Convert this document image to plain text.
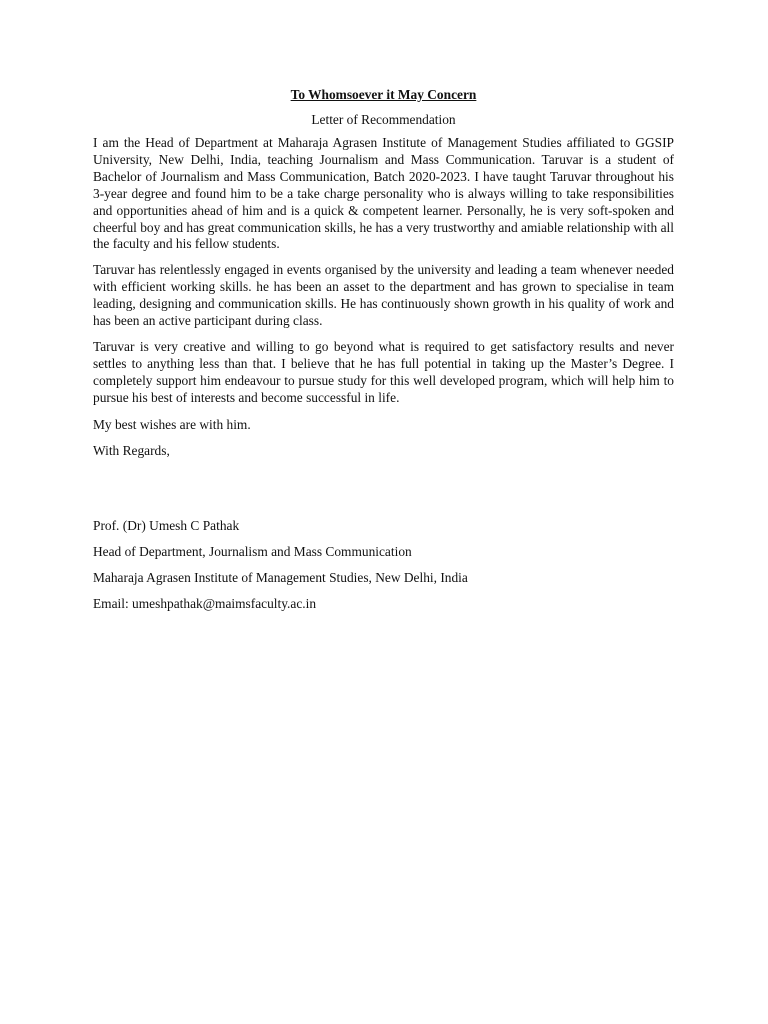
To Whomsoever it May Concern
Letter of Recommendation

I am the Head of Department at Maharaja Agrasen Institute of Management Studies affiliated to GGSIP University, New Delhi, India, teaching Journalism and Mass Communication. Taruvar is a student of Bachelor of Journalism and Mass Communication, Batch 2020-2023. I have taught Taruvar throughout his 3-year degree and found him to be a take charge personality who is always willing to take responsibilities and opportunities ahead of him and is a quick & competent learner. Personally, he is very soft-spoken and cheerful boy and has great communication skills, he has a very trustworthy and amiable relationship with all the faculty and his fellow students.

Taruvar has relentlessly engaged in events organised by the university and leading a team whenever needed with efficient working skills. he has been an asset to the department and has grown to specialise in team leading, designing and communication skills. He has continuously shown growth in his quality of work and has been an active participant during class.

Taruvar is very creative and willing to go beyond what is required to get satisfactory results and never settles to anything less than that. I believe that he has full potential in taking up the Master’s Degree. I completely support him endeavour to pursue study for this well developed program, which will help him to pursue his best of interests and become successful in life.

My best wishes are with him.
With Regards,
Prof. (Dr) Umesh C Pathak
Head of Department, Journalism and Mass Communication
Maharaja Agrasen Institute of Management Studies, New Delhi, India
Email: umeshpathak@maimsfaculty.ac.in
